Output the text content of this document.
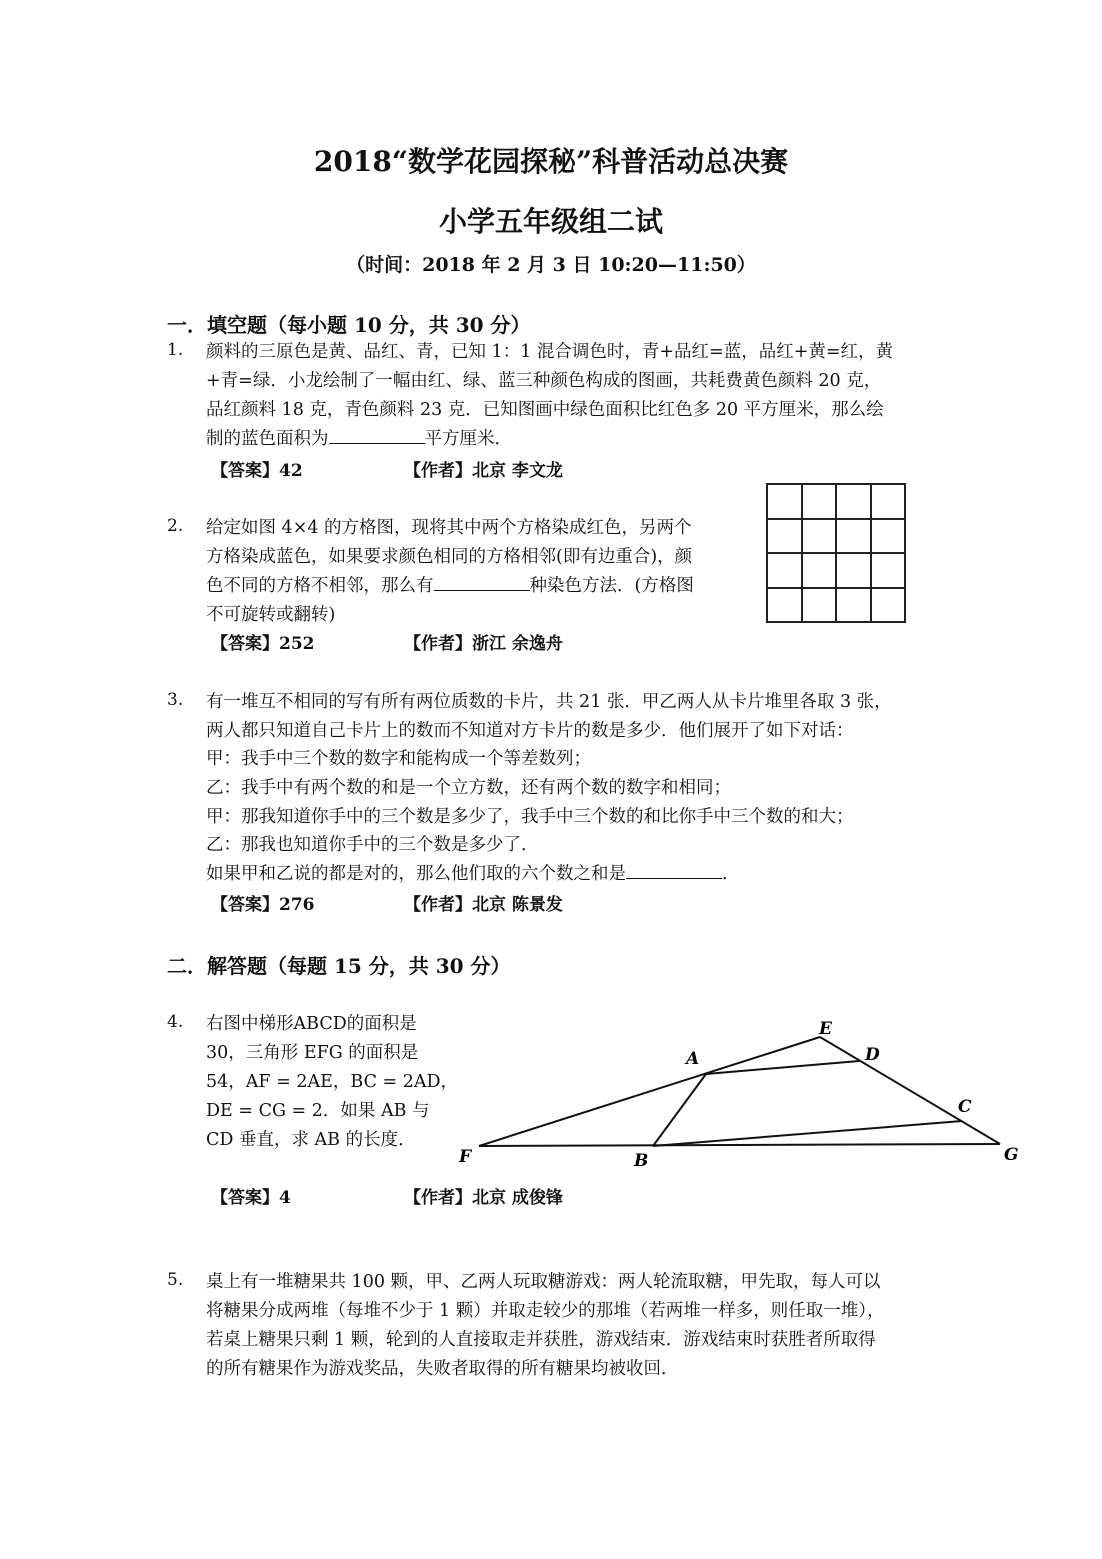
2018“数学花园探秘”科普活动总决赛
小学五年级组二试
（时间：2018 年 2 月 3 日 10:20—11:50）
一．填空题（每小题 10 分，共 30 分）
1. 颜料的三原色是黄、品红、青，已知 1：1 混合调色时，青+品红=蓝，品红+黄=红，黄
+青=绿．小龙绘制了一幅由红、绿、蓝三种颜色构成的图画，共耗费黄色颜料 20 克，
品红颜料 18 克，青色颜料 23 克．已知图画中绿色面积比红色多 20 平方厘米，那么绘
制的蓝色面积为	平方厘米．
【答案】42	【作者】北京 李文龙
2. 给定如图 4×4 的方格图，现将其中两个方格染成红色，另两个
方格染成蓝色，如果要求颜色相同的方格相邻(即有边重合)，颜
色不同的方格不相邻，那么有	种染色方法．(方格图
不可旋转或翻转)
【答案】252	【作者】浙江 余逸舟
3. 有一堆互不相同的写有所有两位质数的卡片，共 21 张．甲乙两人从卡片堆里各取 3 张，
两人都只知道自己卡片上的数而不知道对方卡片的数是多少．他们展开了如下对话：
甲：我手中三个数的数字和能构成一个等差数列；
乙：我手中有两个数的和是一个立方数，还有两个数的数字和相同；
甲：那我知道你手中的三个数是多少了，我手中三个数的和比你手中三个数的和大；
乙：那我也知道你手中的三个数是多少了．
如果甲和乙说的都是对的，那么他们取的六个数之和是	．
【答案】276	【作者】北京 陈景发
二．解答题（每题 15 分，共 30 分）
4. 右图中梯形ABCD的面积是
30，三角形 EFG 的面积是
54，AF = 2AE，BC = 2AD，
DE = CG = 2．如果 AB 与
CD 垂直，求 AB 的长度．
【答案】4	【作者】北京 成俊锋
E
A	D
C
F	B	G
5. 桌上有一堆糖果共 100 颗，甲、乙两人玩取糖游戏：两人轮流取糖，甲先取，每人可以
将糖果分成两堆（每堆不少于 1 颗）并取走较少的那堆（若两堆一样多，则任取一堆），
若桌上糖果只剩 1 颗，轮到的人直接取走并获胜，游戏结束．游戏结束时获胜者所取得
的所有糖果作为游戏奖品，失败者取得的所有糖果均被收回．
